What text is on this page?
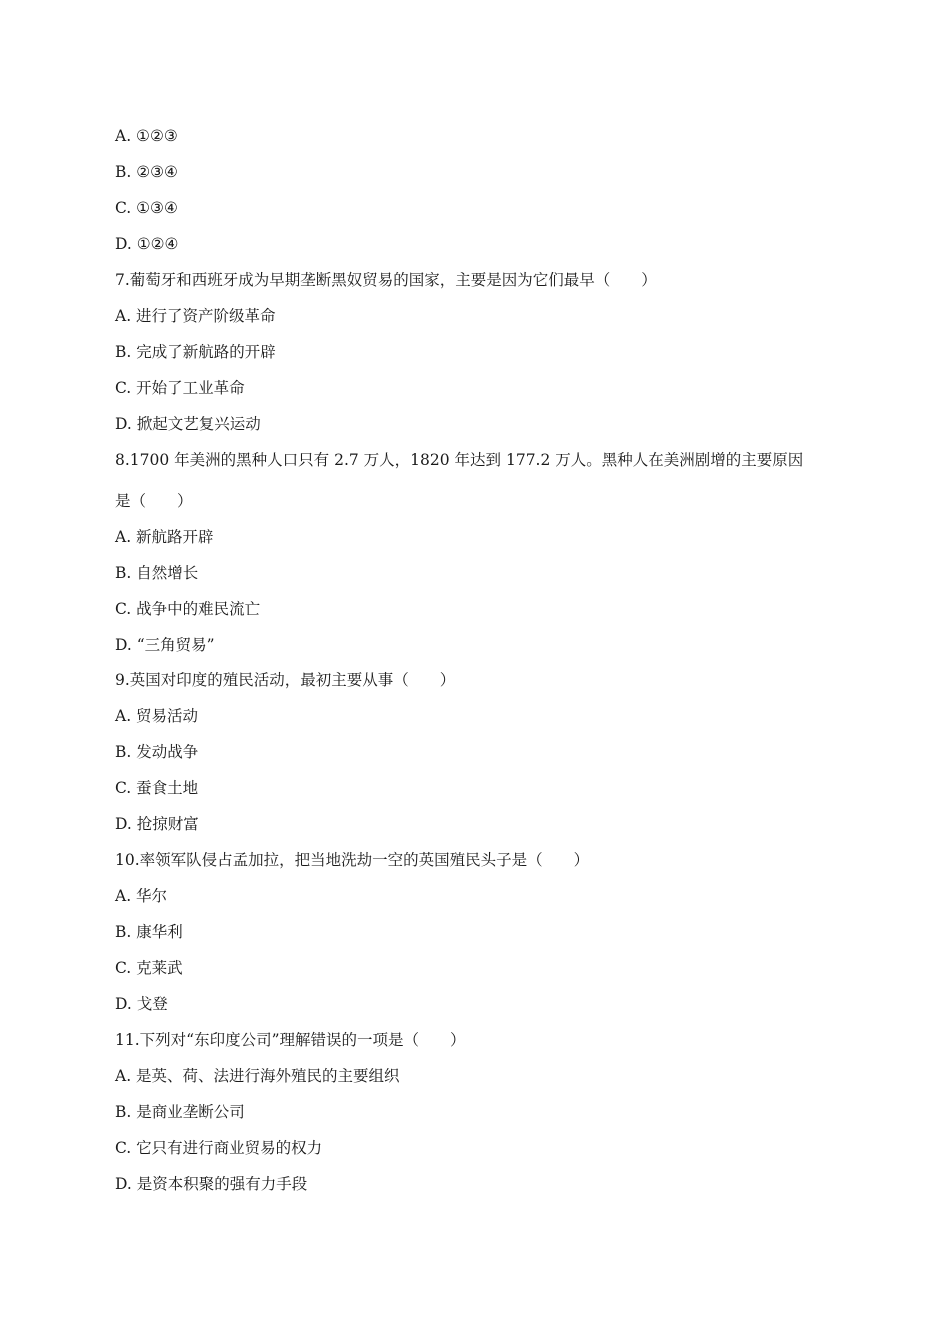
A. ①②③
B. ②③④
C. ①③④
D. ①②④
7.葡萄牙和西班牙成为早期垄断黑奴贸易的国家，主要是因为它们最早（　　）
A. 进行了资产阶级革命
B. 完成了新航路的开辟
C. 开始了工业革命
D. 掀起文艺复兴运动
8.1700 年美洲的黑种人口只有 2.7 万人，1820 年达到 177.2 万人。黑种人在美洲剧增的主要原因
是（　　）
A. 新航路开辟
B. 自然增长
C. 战争中的难民流亡
D. “三角贸易”
9.英国对印度的殖民活动，最初主要从事（　　）
A. 贸易活动
B. 发动战争
C. 蚕食土地
D. 抢掠财富
10.率领军队侵占孟加拉，把当地洗劫一空的英国殖民头子是（　　）
A. 华尔
B. 康华利
C. 克莱武
D. 戈登
11.下列对“东印度公司”理解错误的一项是（　　）
A. 是英、荷、法进行海外殖民的主要组织
B. 是商业垄断公司
C. 它只有进行商业贸易的权力
D. 是资本积聚的强有力手段
